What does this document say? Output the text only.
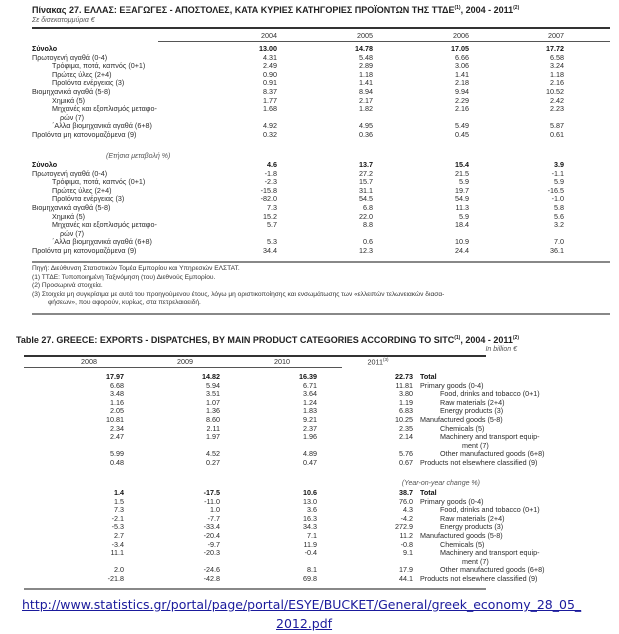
Πίνακας 27. ΕΛΛΑΣ: ΕΞΑΓΩΓΕΣ - ΑΠΟΣΤΟΛΕΣ, ΚΑΤΑ ΚΥΡΙΕΣ ΚΑΤΗΓΟΡΙΕΣ ΠΡΟΪΟΝΤΩΝ ΤΗΣ ΤΤΔΕ$^{(1)}$, 2004 - 2011$^{(2)}$
Σε δισεκατομμύρια €
2004	2005	2006	2007
Σύνολο	13.00	14.78	17.05	17.72
Πρωτογενή αγαθά (0-4)	4.31	5.48	6.66	6.58
Τρόφιμα, ποτά, καπνός (0+1)	2.49	2.89	3.06	3.24
Πρώτες ύλες (2+4)	0.90	1.18	1.41	1.18
Προϊόντα ενέργειας (3)	0.91	1.41	2.18	2.16
Βιομηχανικά αγαθά (5-8)	8.37	8.94	9.94	10.52
Χημικά (5)	1.77	2.17	2.29	2.42
Μηχανές και εξοπλισμός μεταφο-	1.68	1.82	2.16	2.23
ρών (7)
΄Αλλα βιομηχανικά αγαθά (6+8)	4.92	4.95	5.49	5.87
Προϊόντα μη κατονομαζόμενα (9)	0.32	0.36	0.45	0.61
(Ετήσια μεταβολή %)
Σύνολο	4.6	13.7	15.4	3.9
Πρωτογενή αγαθά (0-4)	-1.8	27.2	21.5	-1.1
Τρόφιμα, ποτά, καπνός (0+1)	-2.3	15.7	5.9	5.9
Πρώτες ύλες (2+4)	-15.8	31.1	19.7	-16.5
Προϊόντα ενέργειας (3)	-82.0	54.5	54.9	-1.0
Βιομηχανικά αγαθά (5-8)	7.3	6.8	11.3	5.8
Χημικά (5)	15.2	22.0	5.9	5.6
Μηχανές και εξοπλισμός μεταφο-	5.7	8.8	18.4	3.2
ρών (7)
΄Αλλα βιομηχανικά αγαθά (6+8)	5.3	0.6	10.9	7.0
Προϊόντα μη κατονομαζόμενα (9)	34.4	12.3	24.4	36.1
Πηγή: Διεύθυνση Στατιστικών Τομέα Εμπορίου και Υπηρεσιών ΕΛΣΤΑΤ.
(1) ΤΤΔΕ: Τυποποιημένη Ταξινόμηση (του) Διεθνούς Εμπορίου.
(2) Προσωρινά στοιχεία.
(3) Στοιχεία μη συγκρίσιμα με αυτά του προηγούμενου έτους, λόγω μη οριστικοποίησης και ενσωμάτωσης των «ελλειπών τελωνειακών διασα-
φήσεων», που αφορούν, κυρίως, στα πετρελαιοειδή.
Table 27. GREECE: EXPORTS - DISPATCHES, BY MAIN PRODUCT CATEGORIES ACCORDING TO SITC$^{(1)}$, 2004 - 2011$^{(2)}$
In billion €
2008	2009	2010	2011$^{(3)}$
17.97	14.82	16.39	22.73 Total
6.68	5.94	6.71	11.81 Primary goods (0-4)
3.48	3.51	3.64	3.80	Food, drinks and tobacco (0+1)
1.16	1.07	1.24	1.19	Raw materials (2+4)
2.05	1.36	1.83	6.83	Energy products (3)
10.81	8.60	9.21	10.25 Manufactured goods (5-8)
2.34	2.11	2.37	2.35	Chemicals (5)
2.47	1.97	1.96	2.14	Machinery and transport equip-
ment (7)
5.99	4.52	4.89	5.76	Other manufactured goods (6+8)
0.48	0.27	0.47	0.67 Products not elsewhere classified (9)
(Year-on-year change %)
1.4	-17.5	10.6	38.7 Total
1.5	-11.0	13.0	76.0 Primary goods (0-4)
7.3	1.0	3.6	4.3	Food, drinks and tobacco (0+1)
-2.1	-7.7	16.3	-4.2	Raw materials (2+4)
-5.3	-33.4	34.3	272.9	Energy products (3)
2.7	-20.4	7.1	11.2 Manufactured goods (5-8)
-3.4	-9.7	11.9	-0.8	Chemicals (5)
11.1	-20.3	-0.4	9.1	Machinery and transport equip-
ment (7)
2.0	-24.6	8.1	17.9	Other manufactured goods (6+8)
-21.8	-42.8	69.8	44.1 Products not elsewhere classified (9)
http://www.statistics.gr/portal/page/portal/ESYE/BUCKET/General/greek_economy_28_05_
2012.pdf
